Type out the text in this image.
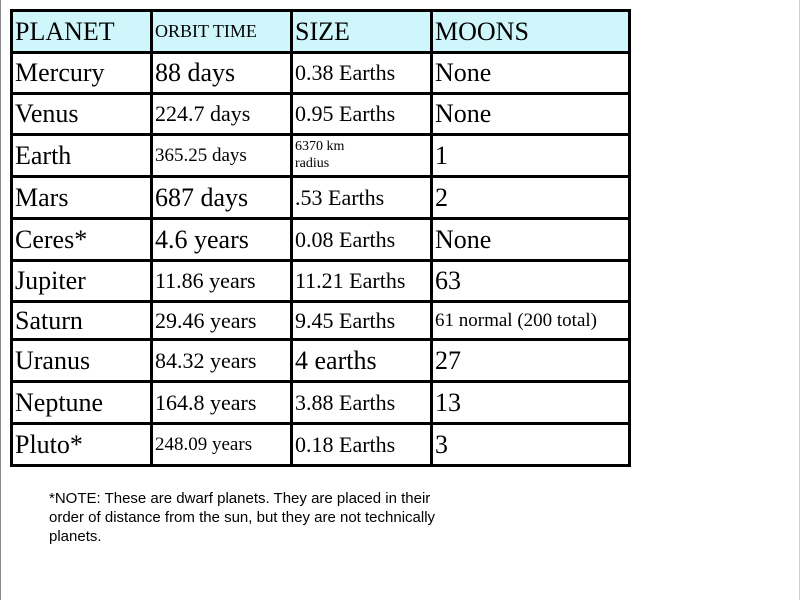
PLANET	ORBIT TIME	SIZE	MOONS
Mercury	88 days	0.38 Earths	None
Venus	224.7 days	0.95 Earths	None
Earth	365.25 days	6370 km radius	1
Mars	687 days	.53 Earths	2
Ceres*	4.6 years	0.08 Earths	None
Jupiter	11.86 years	11.21 Earths	63
Saturn	29.46 years	9.45 Earths	61 normal (200 total)
Uranus	84.32 years	4 earths	27
Neptune	164.8 years	3.88 Earths	13
Pluto*	248.09 years	0.18 Earths	3
*NOTE: These are dwarf planets. They are placed in their order of distance from the sun, but they are not technically planets.
